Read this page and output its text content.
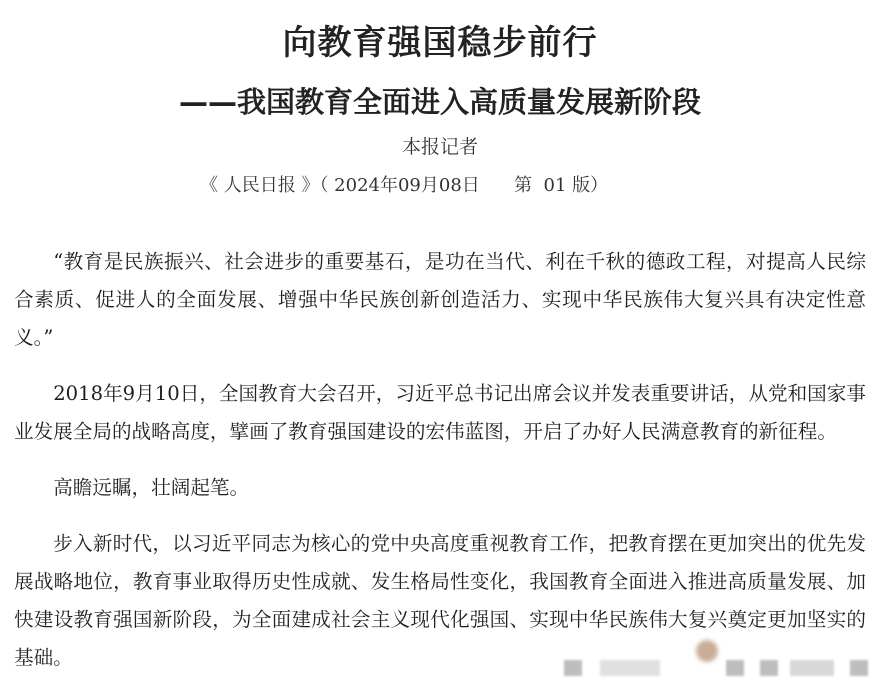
向教育强国稳步前行
——我国教育全面进入高质量发展新阶段
本报记者
《 人民日报 》（ 2024年09月08日      第  01 版）

“教育是民族振兴、社会进步的重要基石，是功在当代、利在千秋的德政工程，对提高人民综合素质、促进人的全面发展、增强中华民族创新创造活力、实现中华民族伟大复兴具有决定性意义。”

2018年9月10日，全国教育大会召开，习近平总书记出席会议并发表重要讲话，从党和国家事业发展全局的战略高度，擘画了教育强国建设的宏伟蓝图，开启了办好人民满意教育的新征程。

高瞻远瞩，壮阔起笔。

步入新时代，以习近平同志为核心的党中央高度重视教育工作，把教育摆在更加突出的优先发展战略地位，教育事业取得历史性成就、发生格局性变化，我国教育全面进入推进高质量发展、加快建设教育强国新阶段，为全面建成社会主义现代化强国、实现中华民族伟大复兴奠定更加坚实的基础。
